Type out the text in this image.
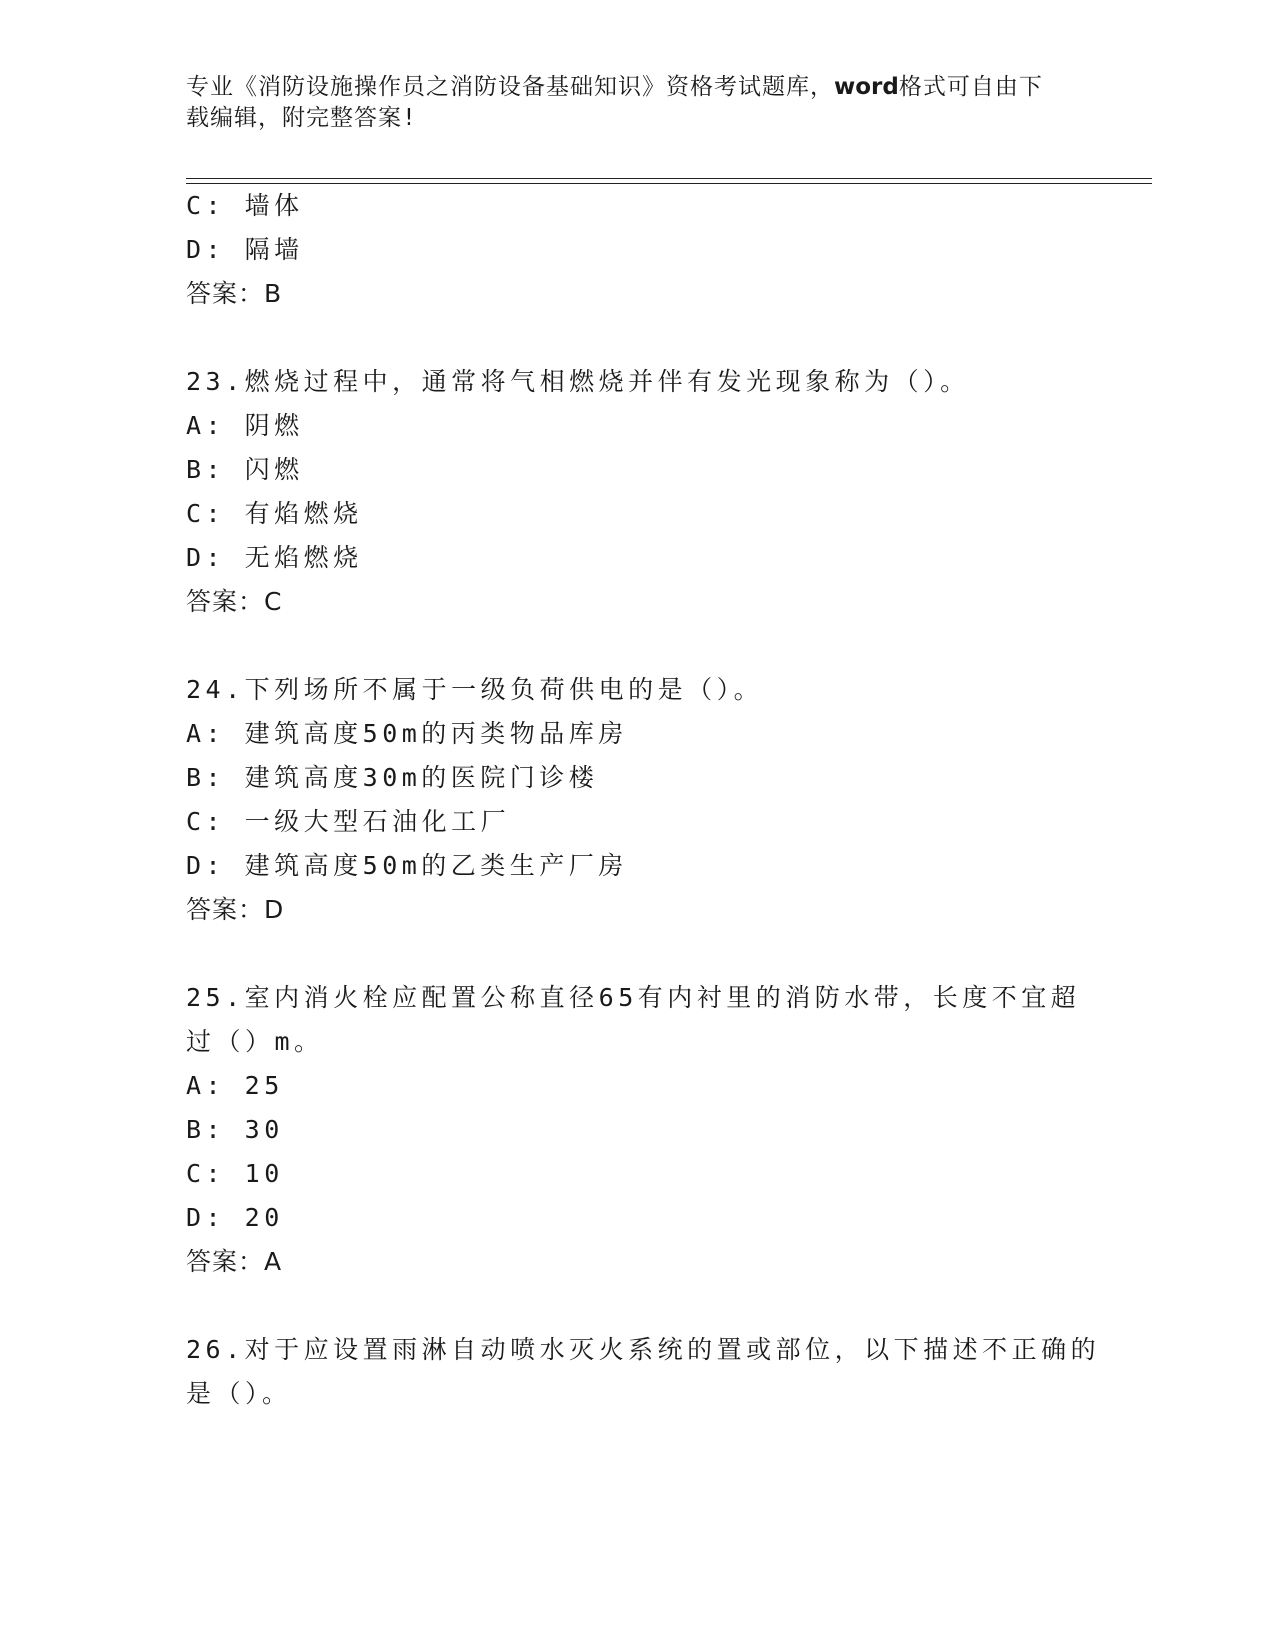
专业《消防设施操作员之消防设备基础知识》资格考试题库，word格式可自由下
载编辑，附完整答案!
C: 墙体
D: 隔墙
答案：B
23.燃烧过程中，通常将气相燃烧并伴有发光现象称为（）。
A: 阴燃
B: 闪燃
C: 有焰燃烧
D: 无焰燃烧
答案：C
24.下列场所不属于一级负荷供电的是（）。
A: 建筑高度50m的丙类物品库房
B: 建筑高度30m的医院门诊楼
C: 一级大型石油化工厂
D: 建筑高度50m的乙类生产厂房
答案：D
25.室内消火栓应配置公称直径65有内衬里的消防水带，长度不宜超
过（）m。
A: 25
B: 30
C: 10
D: 20
答案：A
26.对于应设置雨淋自动喷水灭火系统的置或部位，以下描述不正确的
是（）。
